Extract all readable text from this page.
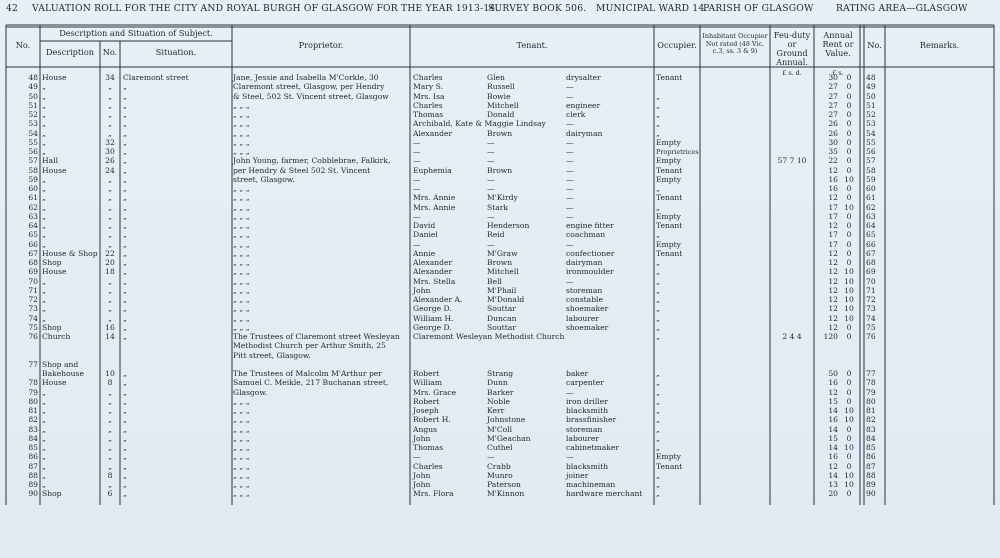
42 VALUATION ROLL FOR THE CITY AND ROYAL BURGH OF GLASGOW FOR THE YEAR 1913-14.
SURVEY BOOK 506. MUNICIPAL WARD 14.
PARISH OF GLASGOW RATING AREA—GLASGOW
No.
Description and Situation of Subject.
Description	No.	Situation.
Proprietor.	Tenant.	Occupier.
Inhabitant Occupier Not rated (48 Vic. c.3, ss. 3 & 9)
Feu-duty or Ground Annual.
Annual Rent or Value.
No.	Remarks.
£ s. d.	£ s.
48 House	34	Claremont street	Jane, Jessie and Isabella M'Corkle, 30	Charles	Glen	drysalter	Tenant	30	0	48
49 „	„	„	Claremont street, Glasgow, per Hendry	Mary S.	Russell	—	27	0	49
50 „	„	„	& Steel, 502 St. Vincent street, Glasgow	Mrs. Isa	Bowie	—	„	27	0	50
51 „	„	„	„ „ „	Charles	Mitchell	engineer	„	27	0	51
52 „	„	„	„ „ „	Thomas	Donald	clerk	„	27	0	52
53 „	„	„	„ „ „	Archibald, Kate & Maggie Lindsay	—	„	26	0	53
54 „	„	„	„ „ „	Alexander	Brown	dairyman	„	26	0	54
55 „	32	„	„ „ „	—	—	—	Empty	30	0	55
56 „	30	„	„ „ „	—	—	—	Proprietrices	35	0	56
57 Hall	26	„	John Young, farmer, Cobblebrae, Falkirk,	—	—	—	Empty	57 7 10	22	0	57
58 House	24	„	per Hendry & Steel 502 St. Vincent	Euphemia	Brown	—	Tenant	12	0	58
59 „	„	„	street, Glasgow.	—	—	—	Empty	16 10	59
60 „	„	„	„ „ „	—	—	—	„	16	0	60
61 „	„	„	„ „ „	Mrs. Annie	M'Kirdy	—	Tenant	12	0	61
62 „	„	„	„ „ „	Mrs. Annie	Stark	—	„	17 10	62
63 „	„	„	„ „ „	—	—	—	Empty	17	0	63
64 „	„	„	„ „ „	David	Henderson	engine fitter	Tenant	12	0	64
65 „	„	„	„ „ „	Daniel	Reid	coachman	„	17	0	65
66 „	„	„	„ „ „	—	—	—	Empty	17	0	66
67 House & Shop 22	„	„ „ „	Annie	M'Graw	confectioner	Tenant	12	0	67
68 Shop	20	„	„ „ „	Alexander	Brown	dairyman	„	12	0	68
69 House	18	„	„ „ „	Alexander	Mitchell	ironmoulder	„	12 10	69
70 „	„	„	„ „ „	Mrs. Stella	Bell	—	„	12 10	70
71 „	„	„	„ „ „	John	M'Phail	storeman	„	12 10	71
72 „	„	„	„ „ „	Alexander A.	M'Donald	constable	„	12 10	72
73 „	„	„	„ „ „	George D.	Souttar	shoemaker	„	12 10	73
74 „	„	„	„ „ „	William H.	Duncan	labourer	„	12 10	74
75 Shop	16	„	„ „ „	George D.	Souttar	shoemaker	„	12	0	75
76 Church	14	„	The Trustees of Claremont street Wesleyan	Claremont Wesleyan Methodist Church	„	2 4 4	120	0	76
Methodist Church per Arthur Smith, 25
Pitt street, Glasgow.
77 Shop and
Bakehouse	10	„	The Trustees of Malcolm M'Arthur per	Robert	Strang	baker	„	50	0	77
78 House	8	„	Samuel C. Meikle, 217 Buchanan street,	William	Dunn	carpenter	„	16	0	78
79 „	„	„	Glasgow.	Mrs. Grace	Barker	—	„	12	0	79
80 „	„	„	„ „ „	Robert	Noble	iron driller	„	15	0	80
81 „	„	„	„ „ „	Joseph	Kerr	blacksmith	„	14 10	81
82 „	„	„	„ „ „	Robert H.	Johnstone	brassfinisher	„	16 10	82
83 „	„	„	„ „ „	Angus	M'Coll	storeman	„	14	0	83
84 „	„	„	„ „ „	John	M'Geachan	labourer	„	15	0	84
85 „	„	„	„ „ „	Thomas	Cuthel	cabinetmaker	„	14 10	85
86 „	„	„	„ „ „	—	—	—	Empty	16	0	86
87 „	„	„	„ „ „	Charles	Crabb	blacksmith	Tenant	12	0	87
88 „	8	„	„ „ „	John	Munro	joiner	„	14 10	88
89 „	„	„	„ „ „	John	Paterson	machineman	„	13 10	89
90 Shop	6	„	„ „ „	Mrs. Flora	M'Kinnon	hardware merchant	„	20	0	90
